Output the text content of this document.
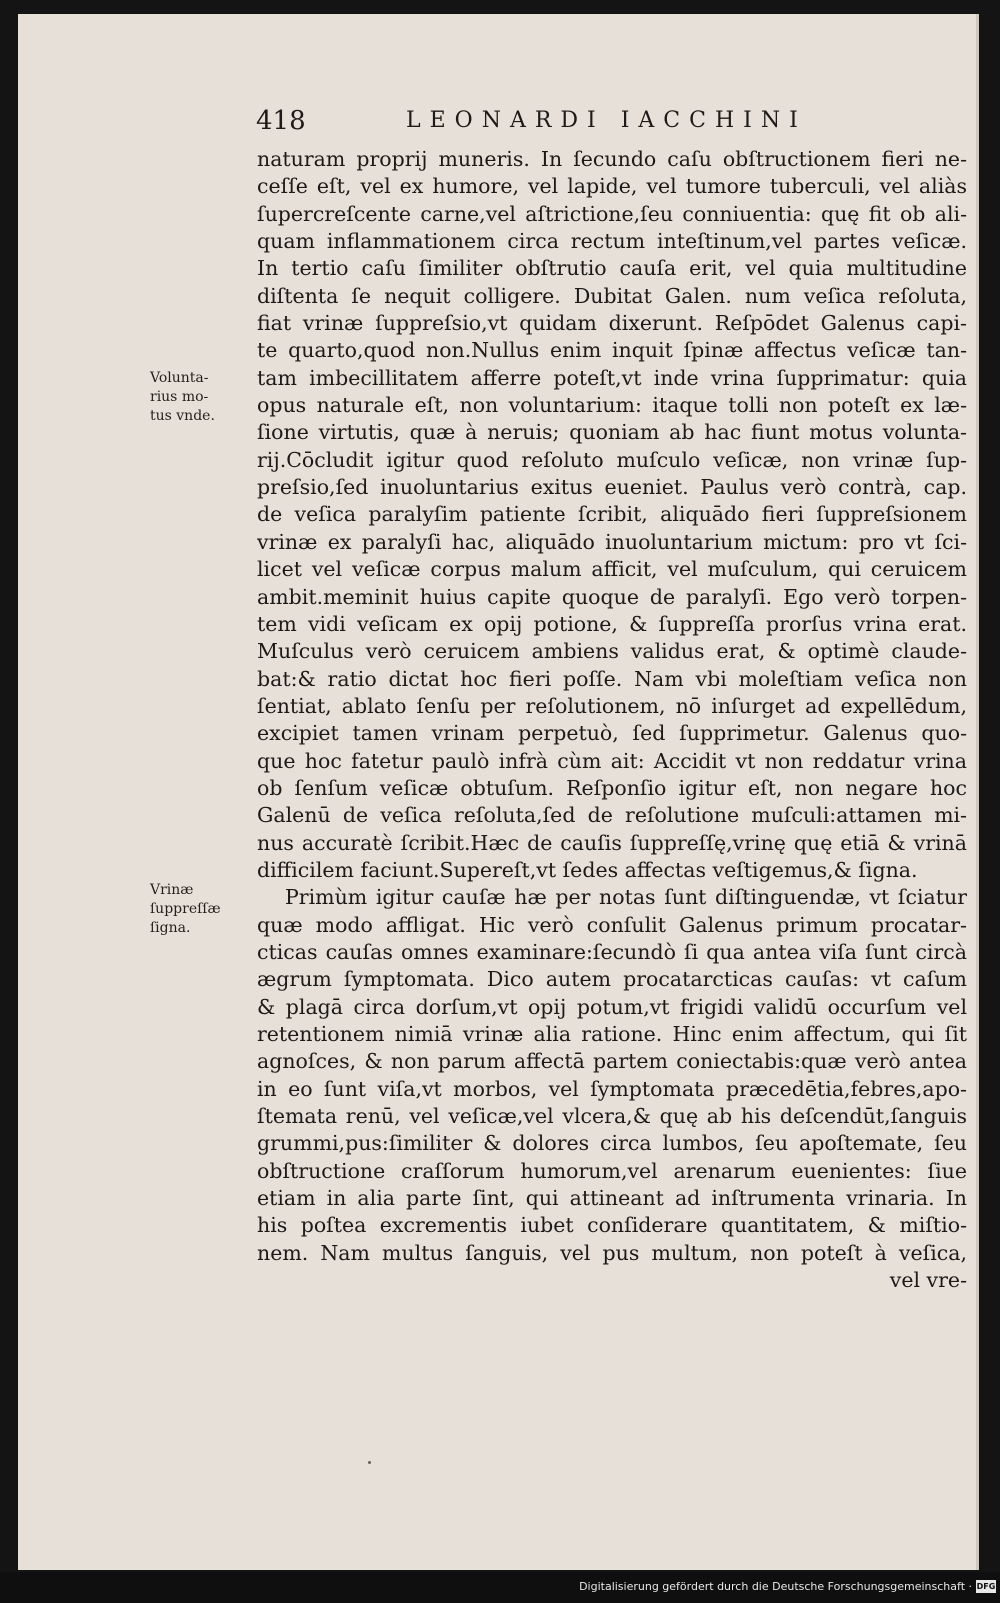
418	LEONARDI IACCHINI
Volunta-
rius mo-
tus vnde.
Vrinæ
ſuppreſſæ
ſigna.
naturam proprij muneris. In ſecundo caſu obſtructionem fieri ne-
ceſſe eſt, vel ex humore, vel lapide, vel tumore tuberculi, vel aliàs
ſupercreſcente carne,vel aſtrictione,ſeu conniuentia: quę fit ob ali-
quam inflammationem circa rectum inteſtinum,vel partes veſicæ.
In tertio caſu ſimiliter obſtrutio cauſa erit, vel quia multitudine
diſtenta ſe nequit colligere. Dubitat Galen. num veſica reſoluta,
fiat vrinæ ſuppreſsio,vt quidam dixerunt. Reſpōdet Galenus capi-
te quarto,quod non.Nullus enim inquit ſpinæ affectus veſicæ tan-
tam imbecillitatem afferre poteſt,vt inde vrina ſupprimatur: quia
opus naturale eſt, non voluntarium: itaque tolli non poteſt ex læ-
ſione virtutis, quæ à neruis; quoniam ab hac fiunt motus volunta-
rij.Cōcludit igitur quod reſoluto muſculo veſicæ, non vrinæ ſup-
preſsio,ſed inuoluntarius exitus eueniet. Paulus verò contrà, cap.
de veſica paralyſim patiente ſcribit, aliquādo fieri ſuppreſsionem
vrinæ ex paralyſi hac, aliquādo inuoluntarium mictum: pro vt ſci-
licet vel veſicæ corpus malum afficit, vel muſculum, qui ceruicem
ambit.meminit huius capite quoque de paralyſi. Ego verò torpen-
tem vidi veſicam ex opij potione, & ſuppreſſa prorſus vrina erat.
Muſculus verò ceruicem ambiens validus erat, & optimè claude-
bat:& ratio dictat hoc fieri poſſe. Nam vbi moleſtiam veſica non
ſentiat, ablato ſenſu per reſolutionem, nō inſurget ad expellēdum,
excipiet tamen vrinam perpetuò, ſed ſupprimetur. Galenus quo-
que hoc fatetur paulò infrà cùm ait: Accidit vt non reddatur vrina
ob ſenſum veſicæ obtuſum. Reſponſio igitur eſt, non negare hoc
Galenū de veſica reſoluta,ſed de reſolutione muſculi:attamen mi-
nus accuratè ſcribit.Hæc de cauſis ſuppreſſę,vrinę quę etiā & vrinā
difficilem faciunt.Supereſt,vt ſedes affectas veſtigemus,& ſigna.
Primùm igitur cauſæ hæ per notas ſunt diſtinguendæ, vt ſciatur
quæ modo affligat. Hic verò conſulit Galenus primum procatar-
cticas cauſas omnes examinare:ſecundò ſi qua antea viſa ſunt circà
ægrum ſymptomata. Dico autem procatarcticas cauſas: vt caſum
& plagā circa dorſum,vt opij potum,vt frigidi validū occurſum vel
retentionem nimiā vrinæ alia ratione. Hinc enim affectum, qui ſit
agnoſces, & non parum affectā partem coniectabis:quæ verò antea
in eo ſunt viſa,vt morbos, vel ſymptomata præcedētia,febres,apo-
ſtemata renū, vel veſicæ,vel vlcera,& quę ab his deſcendūt,ſanguis
grummi,pus:ſimiliter & dolores circa lumbos, ſeu apoſtemate, ſeu
obſtructione craſſorum humorum,vel arenarum euenientes: ſiue
etiam in alia parte ſint, qui attineant ad inſtrumenta vrinaria. In
his poſtea excrementis iubet conſiderare quantitatem, & miſtio-
nem. Nam multus ſanguis, vel pus multum, non poteſt à veſica,
vel vre-
Digitalisierung gefördert durch die Deutsche Forschungsgemeinschaft · DFG
